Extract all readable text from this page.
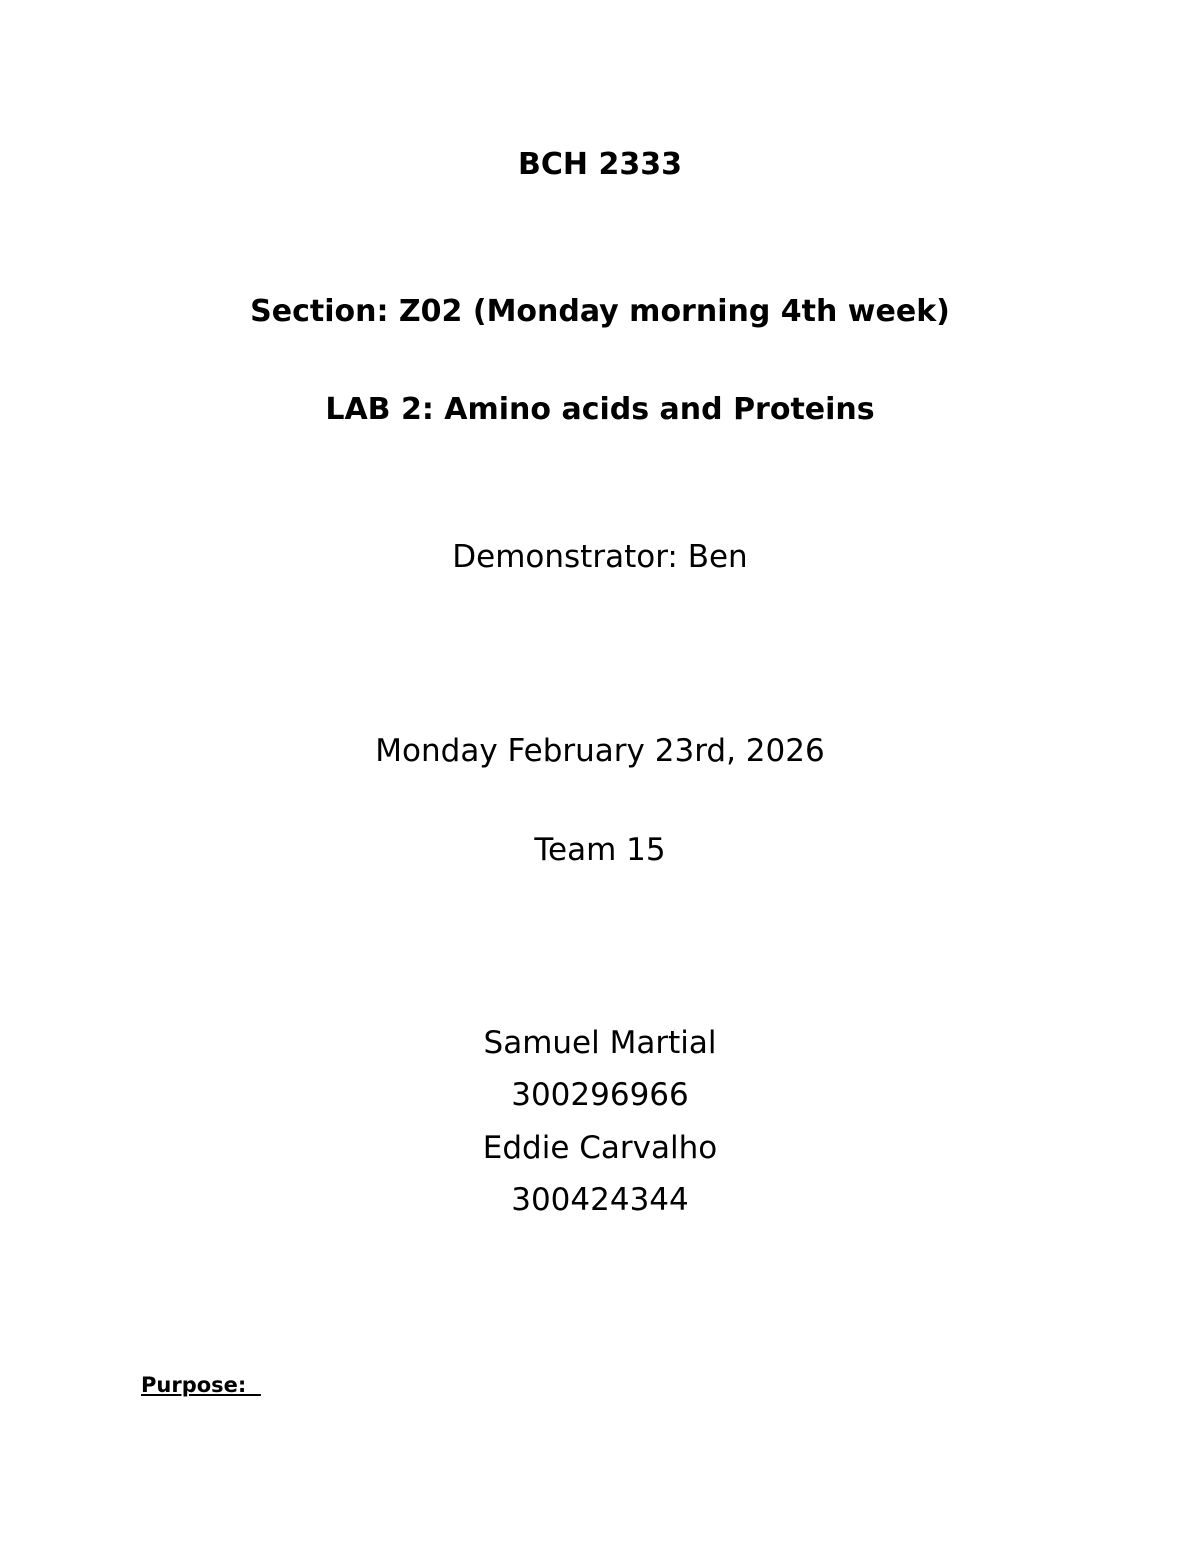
BCH 2333
Section: Z02 (Monday morning 4th week)
LAB 2: Amino acids and Proteins
Demonstrator: Ben
Monday February 23rd, 2026
Team 15
Samuel Martial
300296966
Eddie Carvalho
300424344
Purpose:
